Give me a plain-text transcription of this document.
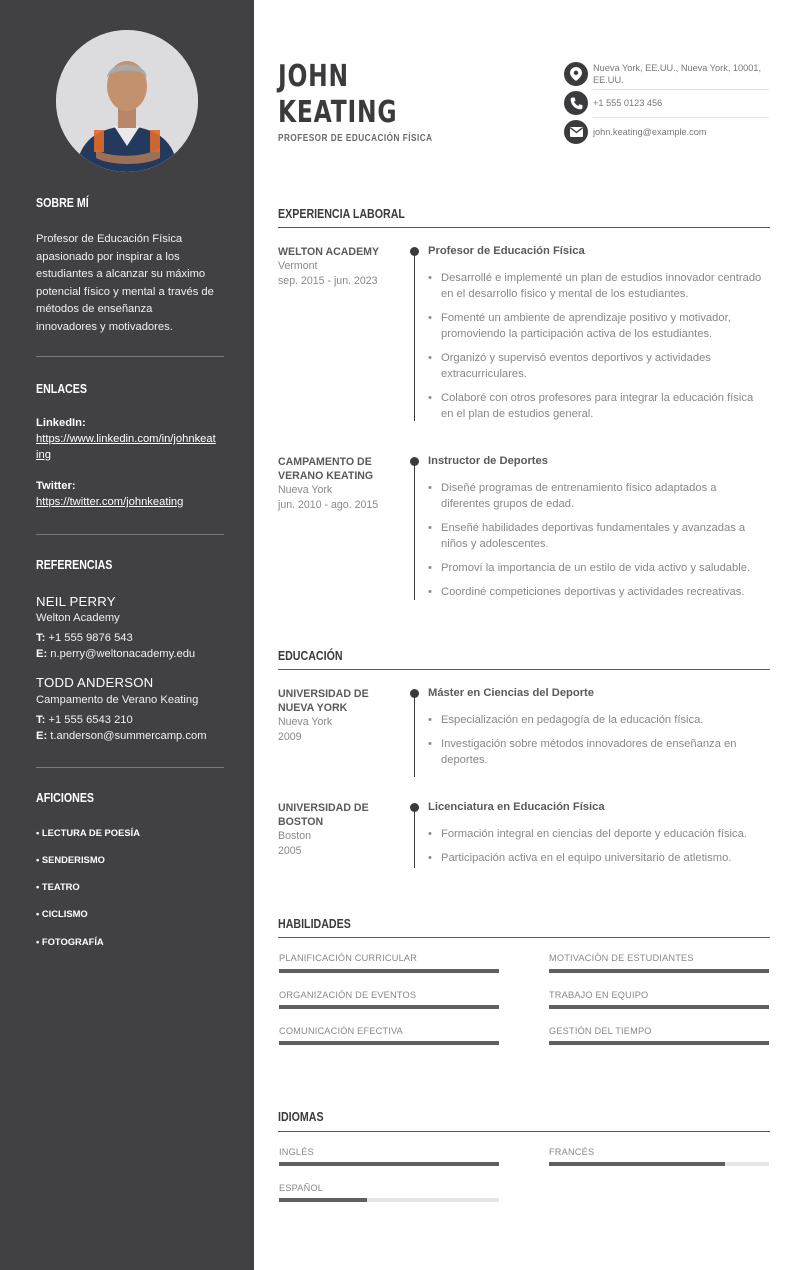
SOBRE MÍ
Profesor de Educación Física apasionado por inspirar a los estudiantes a alcanzar su máximo potencial físico y mental a través de métodos de enseñanza innovadores y motivadores.
ENLACES
LinkedIn:
https://www.linkedin.com/in/johnkeating
Twitter:
https://twitter.com/johnkeating
REFERENCIAS
NEIL PERRY
Welton Academy
T: +1 555 9876 543
E: n.perry@weltonacademy.edu
TODD ANDERSON
Campamento de Verano Keating
T: +1 555 6543 210
E: t.anderson@summercamp.com
AFICIONES
• LECTURA DE POESÍA
• SENDERISMO
• TEATRO
• CICLISMO
• FOTOGRAFÍA
JOHN
KEATING
PROFESOR DE EDUCACIÓN FÍSICA
Nueva York, EE.UU., Nueva York, 10001, EE.UU.
+1 555 0123 456
john.keating@example.com
EXPERIENCIA LABORAL
WELTON ACADEMY
Vermont
sep. 2015 - jun. 2023
Profesor de Educación Física
• Desarrollé e implementé un plan de estudios innovador centrado en el desarrollo físico y mental de los estudiantes.
• Fomenté un ambiente de aprendizaje positivo y motivador, promoviendo la participación activa de los estudiantes.
• Organizó y supervisó eventos deportivos y actividades extracurriculares.
• Colaboré con otros profesores para integrar la educación física en el plan de estudios general.
CAMPAMENTO DE VERANO KEATING
Nueva York
jun. 2010 - ago. 2015
Instructor de Deportes
• Diseñé programas de entrenamiento físico adaptados a diferentes grupos de edad.
• Enseñé habilidades deportivas fundamentales y avanzadas a niños y adolescentes.
• Promoví la importancia de un estilo de vida activo y saludable.
• Coordiné competiciones deportivas y actividades recreativas.
EDUCACIÓN
UNIVERSIDAD DE NUEVA YORK
Nueva York
2009
Máster en Ciencias del Deporte
• Especialización en pedagogía de la educación física.
• Investigación sobre métodos innovadores de enseñanza en deportes.
UNIVERSIDAD DE BOSTON
Boston
2005
Licenciatura en Educación Física
• Formación integral en ciencias del deporte y educación física.
• Participación activa en el equipo universitario de atletismo.
HABILIDADES
PLANIFICACIÓN CURRICULAR	MOTIVACIÓN DE ESTUDIANTES
ORGANIZACIÓN DE EVENTOS	TRABAJO EN EQUIPO
COMUNICACIÓN EFECTIVA	GESTIÓN DEL TIEMPO
IDIOMAS
INGLÉS	FRANCÉS
ESPAÑOL
